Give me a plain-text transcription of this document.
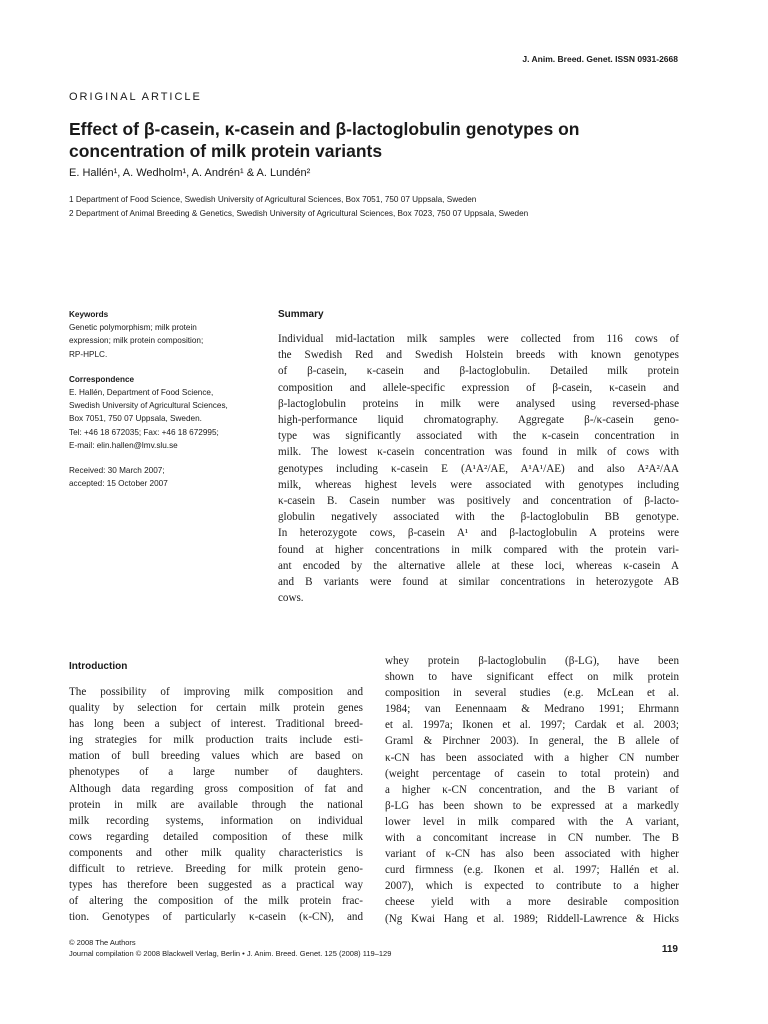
J. Anim. Breed. Genet. ISSN 0931-2668
ORIGINAL ARTICLE
Effect of β-casein, κ-casein and β-lactoglobulin genotypes on
concentration of milk protein variants
E. Hallén¹, A. Wedholm¹, A. Andrén¹ & A. Lundén²
1 Department of Food Science, Swedish University of Agricultural Sciences, Box 7051, 750 07 Uppsala, Sweden
2 Department of Animal Breeding & Genetics, Swedish University of Agricultural Sciences, Box 7023, 750 07 Uppsala, Sweden
Keywords
Genetic polymorphism; milk protein
expression; milk protein composition;
RP-HPLC.
Correspondence
E. Hallén, Department of Food Science,
Swedish University of Agricultural Sciences,
Box 7051, 750 07 Uppsala, Sweden.
Tel: +46 18 672035; Fax: +46 18 672995;
E-mail: elin.hallen@lmv.slu.se
Received: 30 March 2007;
accepted: 15 October 2007
Summary
Individual mid-lactation milk samples were collected from 116 cows of
the Swedish Red and Swedish Holstein breeds with known genotypes
of β-casein, κ-casein and β-lactoglobulin. Detailed milk protein
composition and allele-specific expression of β-casein, κ-casein and
β-lactoglobulin proteins in milk were analysed using reversed-phase
high-performance liquid chromatography. Aggregate β-/κ-casein geno-
type was significantly associated with the κ-casein concentration in
milk. The lowest κ-casein concentration was found in milk of cows with
genotypes including κ-casein E (A¹A²/AE, A¹A¹/AE) and also A²A²/AA
milk, whereas highest levels were associated with genotypes including
κ-casein B. Casein number was positively and concentration of β-lacto-
globulin negatively associated with the β-lactoglobulin BB genotype.
In heterozygote cows, β-casein A¹ and β-lactoglobulin A proteins were
found at higher concentrations in milk compared with the protein vari-
ant encoded by the alternative allele at these loci, whereas κ-casein A
and B variants were found at similar concentrations in heterozygote AB
cows.
Introduction
The possibility of improving milk composition and
quality by selection for certain milk protein genes
has long been a subject of interest. Traditional breed-
ing strategies for milk production traits include esti-
mation of bull breeding values which are based on
phenotypes of a large number of daughters.
Although data regarding gross composition of fat and
protein in milk are available through the national
milk recording systems, information on individual
cows regarding detailed composition of these milk
components and other milk quality characteristics is
difficult to retrieve. Breeding for milk protein geno-
types has therefore been suggested as a practical way
of altering the composition of the milk protein frac-
tion. Genotypes of particularly κ-casein (κ-CN), and
whey protein β-lactoglobulin (β-LG), have been
shown to have significant effect on milk protein
composition in several studies (e.g. McLean et al.
1984; van Eenennaam & Medrano 1991; Ehrmann
et al. 1997a; Ikonen et al. 1997; Cardak et al. 2003;
Graml & Pirchner 2003). In general, the B allele of
κ-CN has been associated with a higher CN number
(weight percentage of casein to total protein) and
a higher κ-CN concentration, and the B variant of
β-LG has been shown to be expressed at a markedly
lower level in milk compared with the A variant,
with a concomitant increase in CN number. The B
variant of κ-CN has also been associated with higher
curd firmness (e.g. Ikonen et al. 1997; Hallén et al.
2007), which is expected to contribute to a higher
cheese yield with a more desirable composition
(Ng Kwai Hang et al. 1989; Riddell-Lawrence & Hicks
© 2008 The Authors
Journal compilation © 2008 Blackwell Verlag, Berlin • J. Anim. Breed. Genet. 125 (2008) 119–129	119
